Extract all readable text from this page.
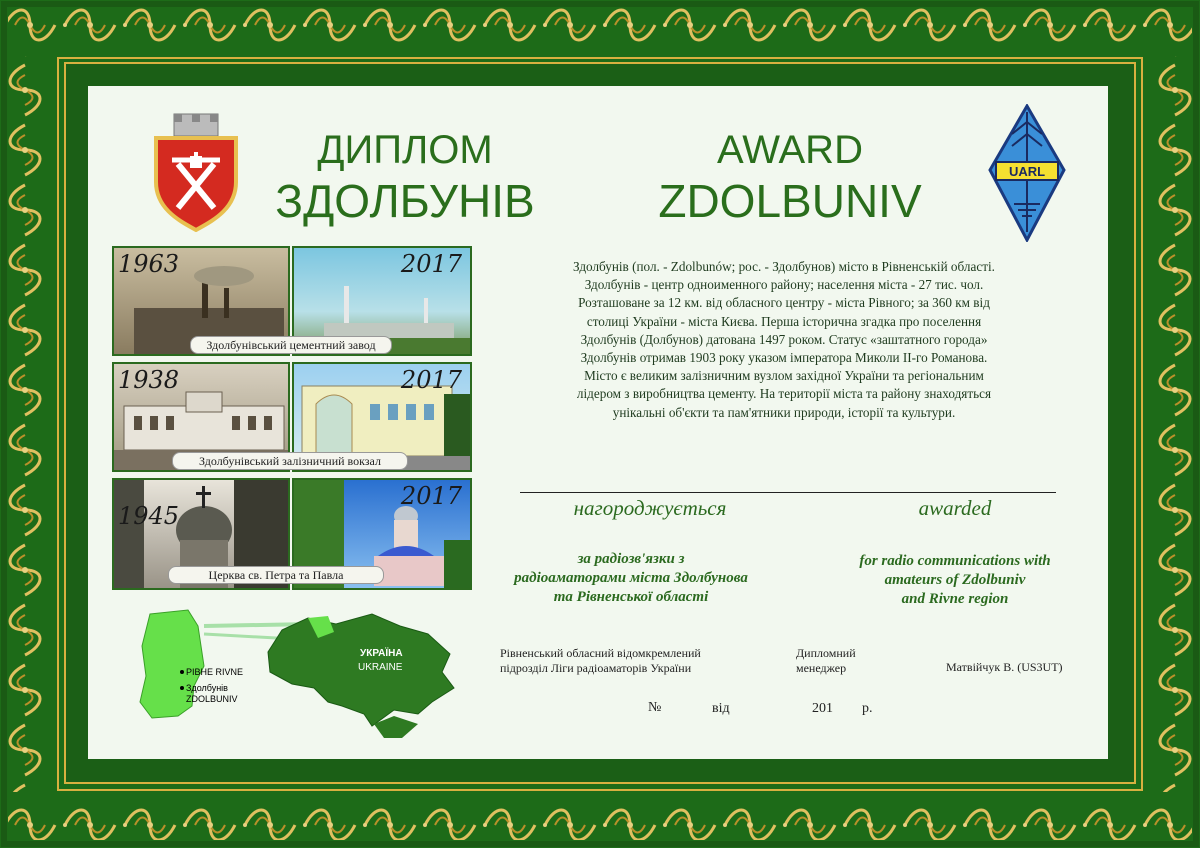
ДИПЛОМ
ЗДОЛБУНІВ
AWARD
ZDOLBUNIV
UARL
1963	2017
Здолбунівський цементний завод
1938	2017
Здолбунівський залізничний вокзал
1945
2017
Церква св. Петра та Павла
Здолбунів (пол. - Zdolbunów; рос. - Здолбунов) місто в Рівненській області.
Здолбунів - центр одноименного району; населення міста - 27 тис. чол.
Розташоване за 12 км. від обласного центру - міста Рівного; за 360 км від
столиці України - міста Києва. Перша історична згадка про поселення
Здолбунів (Долбунов) датована 1497 роком. Статус «заштатного города»
Здолбунів отримав 1903 року указом імператора Миколи ІІ-го Романова.
Місто є великим залізничним вузлом західної України та регіональним
лідером з виробництва цементу. На території міста та району знаходяться
унікальні об'єкти та пам'ятники природи, історії та культури.
нагороджується	awarded
за радіозв'язки з
радіоаматорами міста Здолбунова
та Рівненської області
for radio communications with
amateurs of Zdolbuniv
and Rivne region
УКРАЇНА
UKRAINE
РІВНЕ RIVNE
Здолбунів
ZDOLBUNIV
Рівненський обласний відомкремлений
підрозділ Ліги радіоаматорів України
Дипломний
менеджер	Матвійчук В. (US3UT)
№	від	201 р.
